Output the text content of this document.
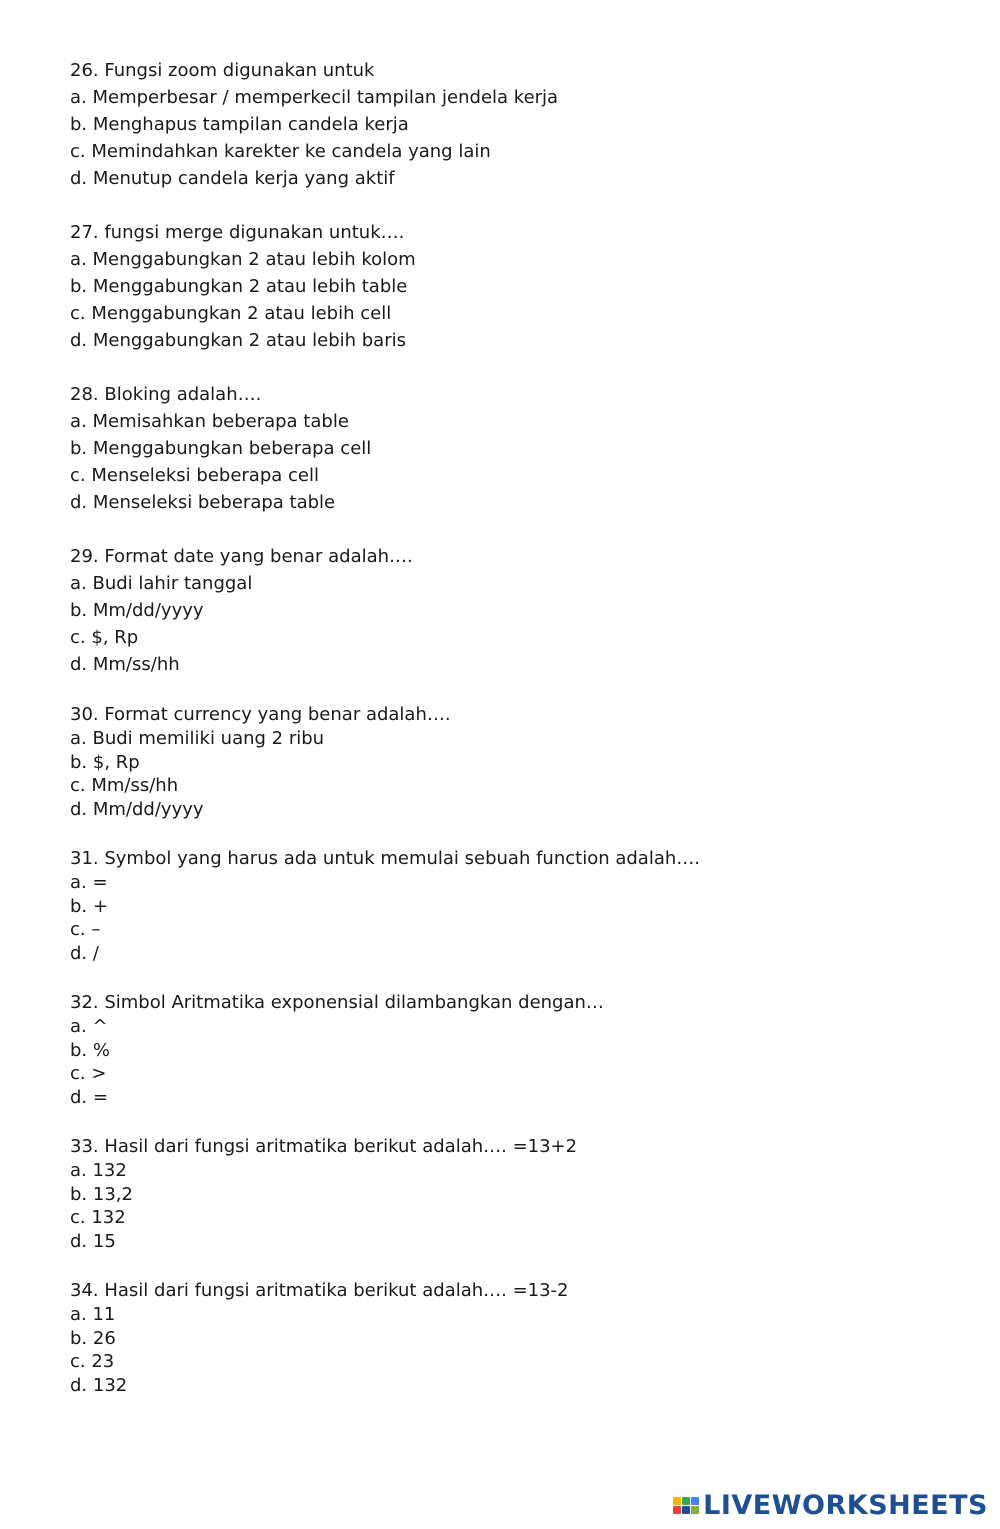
26. Fungsi zoom digunakan untuk
a. Memperbesar / memperkecil tampilan jendela kerja
b. Menghapus tampilan candela kerja
c. Memindahkan karekter ke candela yang lain
d. Menutup candela kerja yang aktif
27. fungsi merge digunakan untuk….
a. Menggabungkan 2 atau lebih kolom
b. Menggabungkan 2 atau lebih table
c. Menggabungkan 2 atau lebih cell
d. Menggabungkan 2 atau lebih baris
28. Bloking adalah….
a. Memisahkan beberapa table
b. Menggabungkan beberapa cell
c. Menseleksi beberapa cell
d. Menseleksi beberapa table
29. Format date yang benar adalah….
a. Budi lahir tanggal
b. Mm/dd/yyyy
c. $, Rp
d. Mm/ss/hh
30. Format currency yang benar adalah….
a. Budi memiliki uang 2 ribu
b. $, Rp
c. Mm/ss/hh
d. Mm/dd/yyyy
31. Symbol yang harus ada untuk memulai sebuah function adalah….
a. =
b. +
c. –
d. /
32. Simbol Aritmatika exponensial dilambangkan dengan…
a. ^
b. %
c. >
d. =
33. Hasil dari fungsi aritmatika berikut adalah…. =13+2
a. 132
b. 13,2
c. 132
d. 15
34. Hasil dari fungsi aritmatika berikut adalah…. =13-2
a. 11
b. 26
c. 23
d. 132
LIVEWORKSHEETS
